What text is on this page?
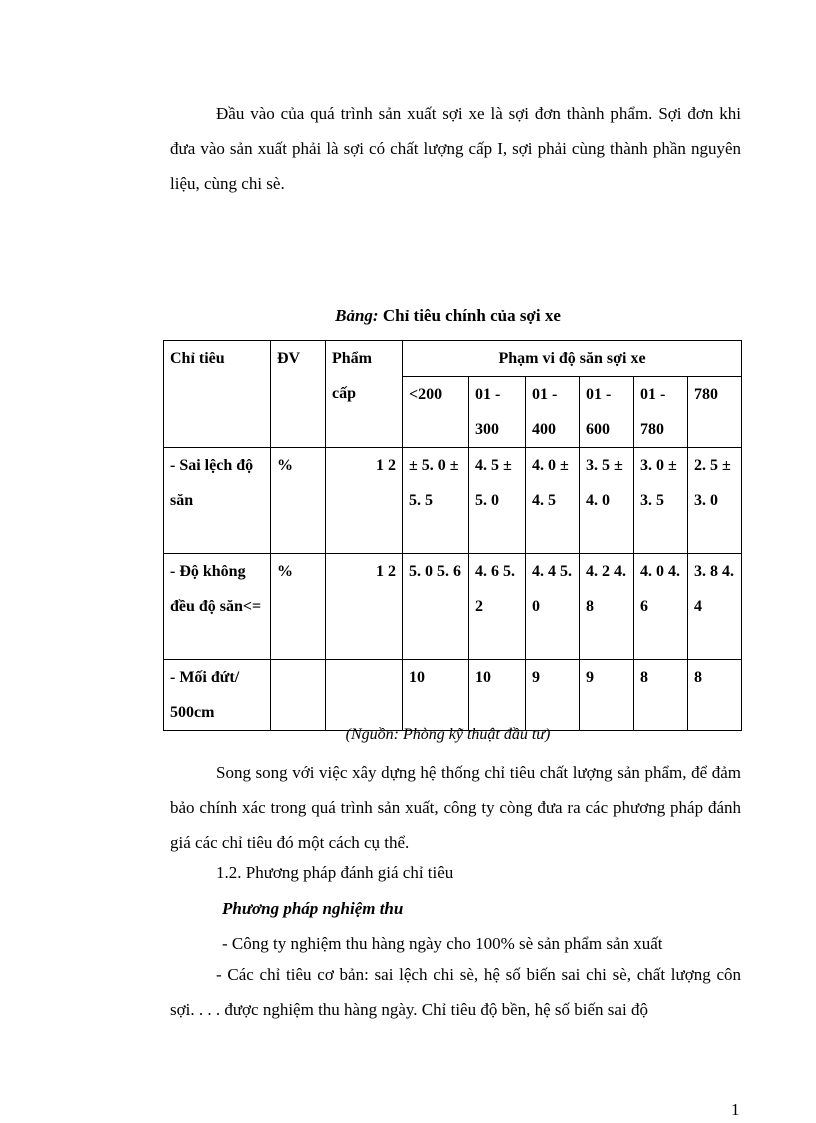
Đầu vào của quá trình sản xuất sợi xe là sợi đơn thành phẩm. Sợi đơn khi đưa vào sản xuất phải là sợi có chất lượng cấp I, sợi phải cùng thành phần nguyên liệu, cùng chi sè.

Bảng: Chỉ tiêu chính của sợi xe

Chỉ tiêu	ĐV	Phẩm cấp	Phạm vi độ săn sợi xe					
			<200	01 - 300	01 - 400	01 - 600	01 - 780	780
- Sai lệch độ săn	%	1 2	± 5. 0 ± 5. 5	4. 5 ± 5. 0	4. 0 ± 4. 5	3. 5 ± 4. 0	3. 0 ± 3. 5	2. 5 ± 3. 0
- Độ không đều độ săn<=	%	1 2	5. 0 5. 6	4. 6 5. 2	4. 4 5. 0	4. 2 4. 8	4. 0 4. 6	3. 8 4. 4
- Mối đứt/ 500cm			10	10	9	9	8	8

(Nguồn: Phòng kỹ thuật đầu tư)

Song song với việc xây dựng hệ thống chỉ tiêu chất lượng sản phẩm, để đảm bảo chính xác trong quá trình sản xuất, công ty còng đưa ra các phương pháp đánh giá các chỉ tiêu đó một cách cụ thể.

1.2. Phương pháp đánh giá chỉ tiêu

Phương pháp nghiệm thu

- Công ty nghiệm thu hàng ngày cho 100% sè sản phẩm sản xuất

- Các chỉ tiêu cơ bản: sai lệch chi sè, hệ số biến sai chi sè, chất lượng côn sợi. . . . được nghiệm thu hàng ngày. Chỉ tiêu độ bền, hệ số biến sai độ

1
